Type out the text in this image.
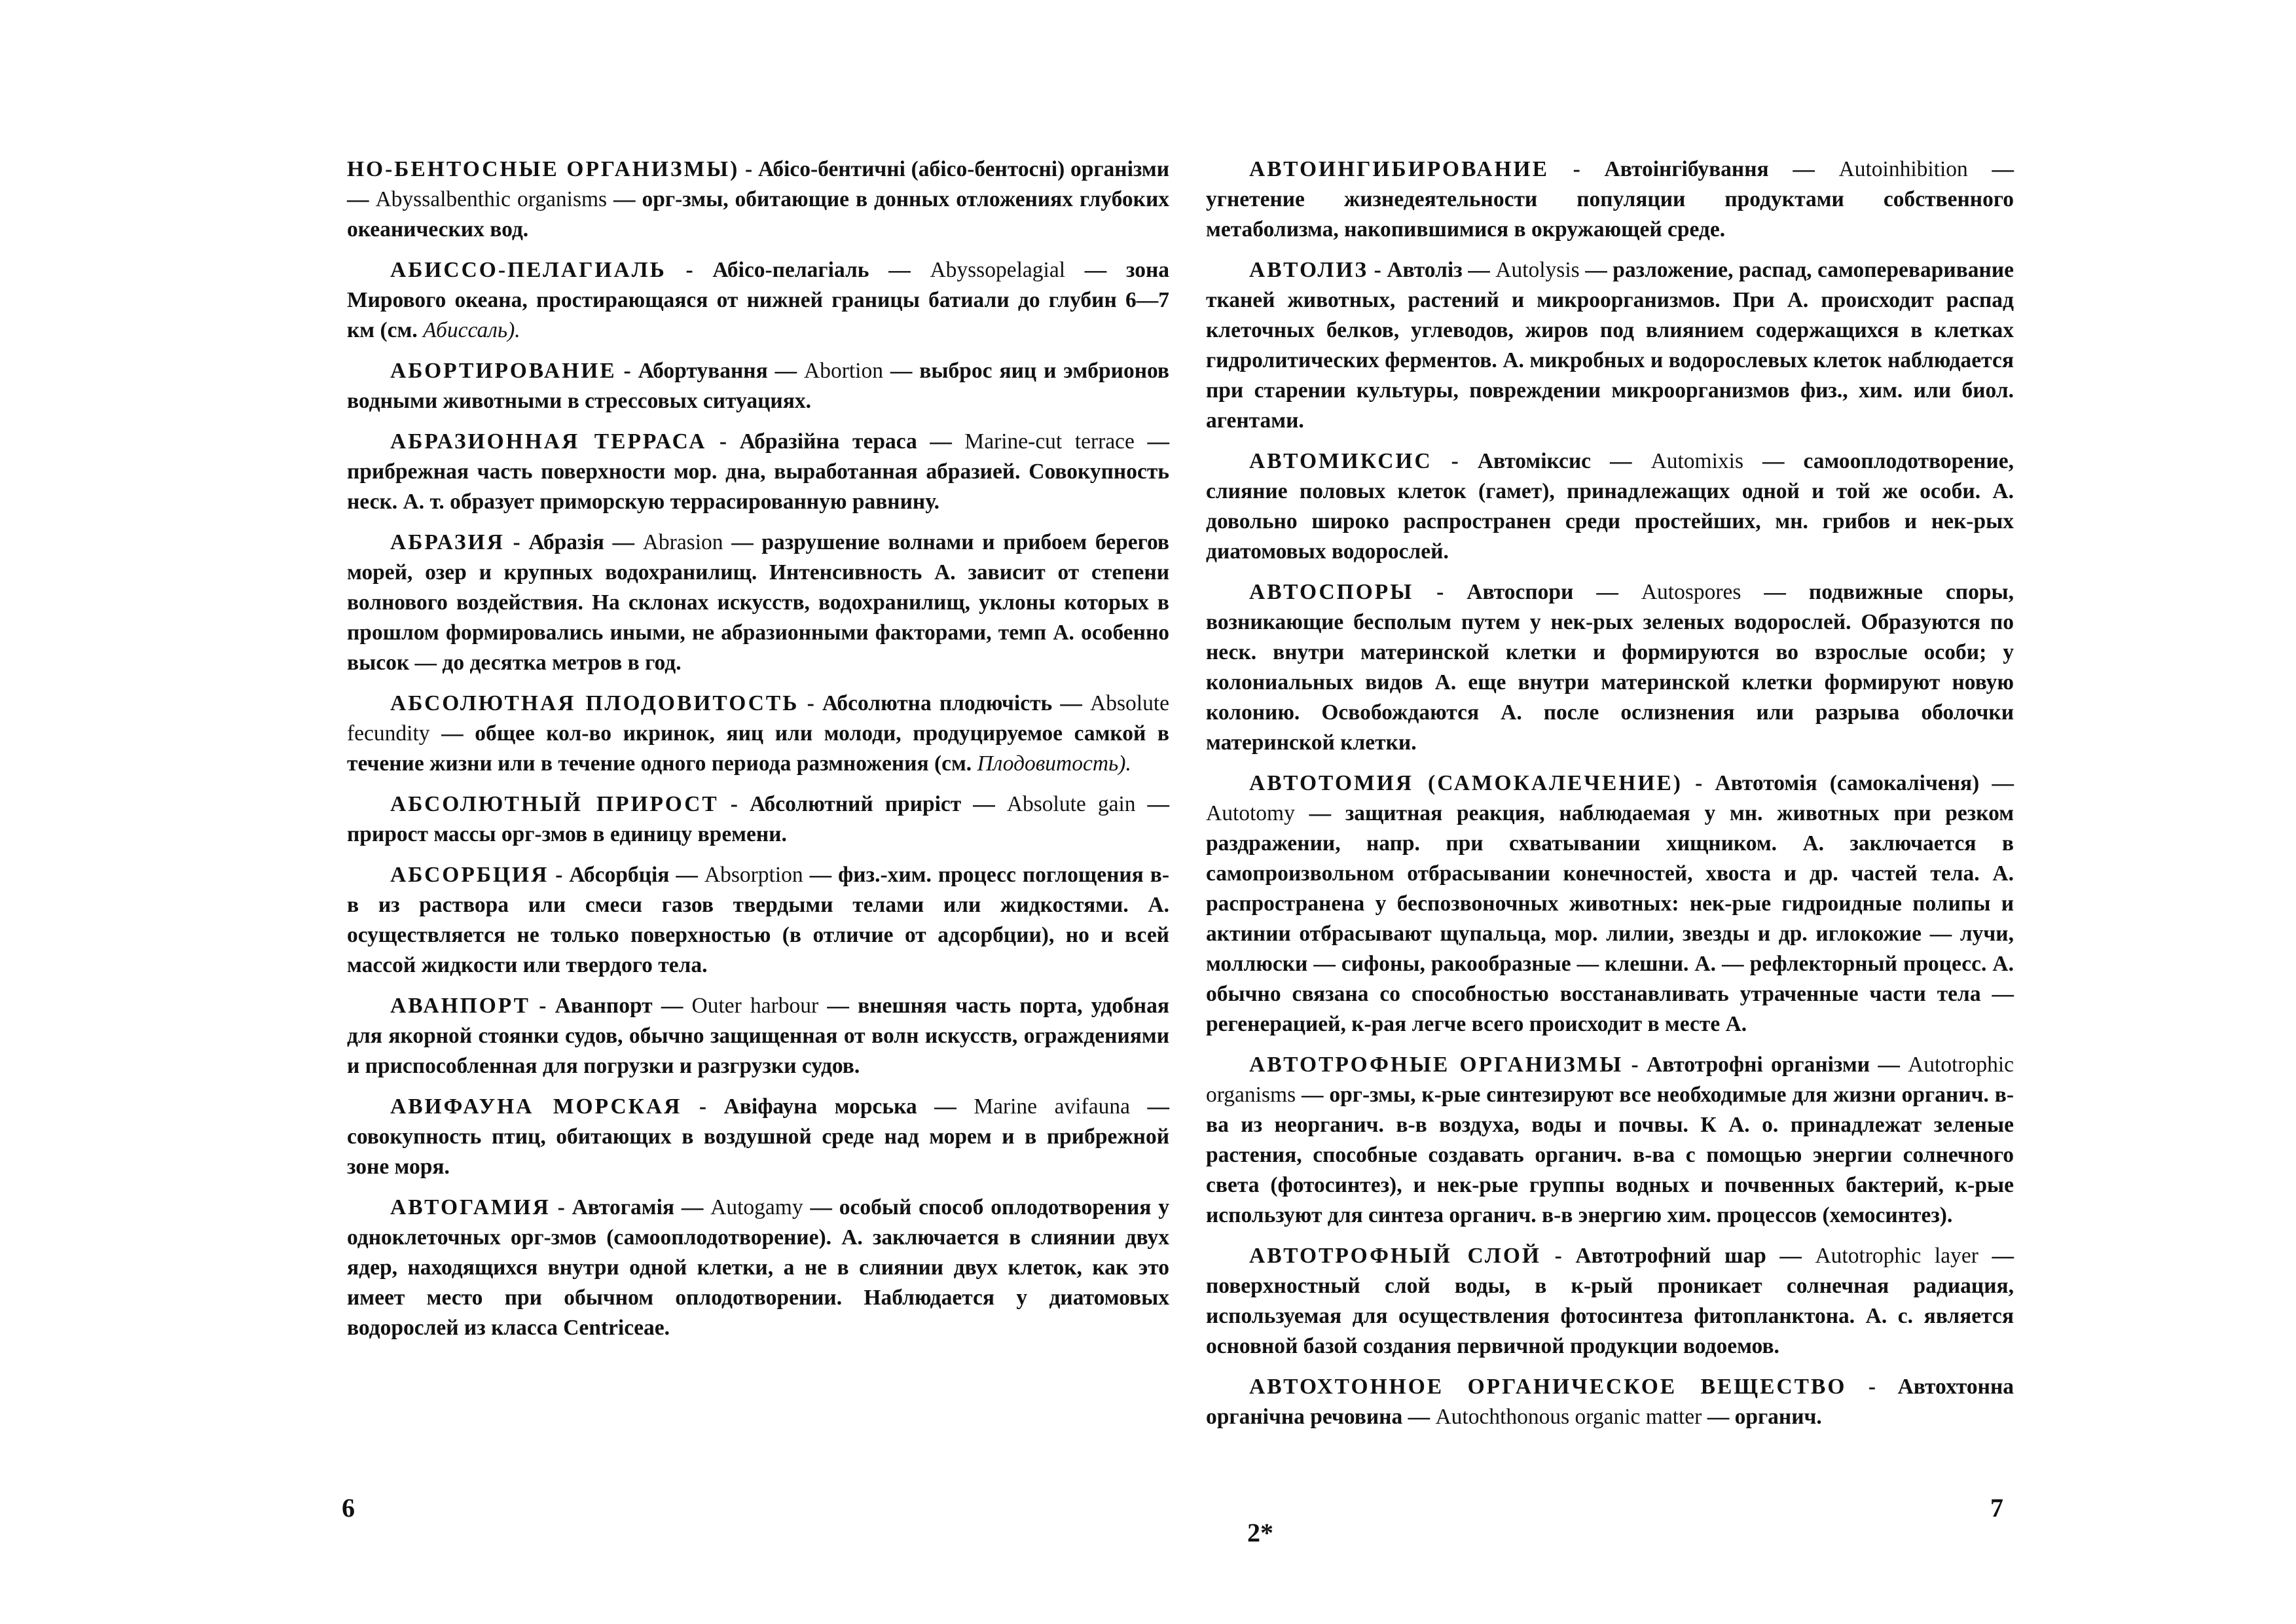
НО-БЕНТОСНЫЕ ОРГАНИЗМЫ) - Абісо-бентичні (абісо-бентосні) організми — Abyssalbenthic organisms — орг-змы, обитающие в донных отложениях глубоких океанических вод.

АБИССО-ПЕЛАГИАЛЬ - Абісо-пелагіаль — Abyssopelagial — зона Мирового океана, простирающаяся от нижней границы батиали до глубин 6—7 км (см. Абиссаль).

АБОРТИРОВАНИЕ - Абортування — Abortion — выброс яиц и эмбрионов водными животными в стрессовых ситуациях.

АБРАЗИОННАЯ ТЕРРАСА - Абразійна тераса — Marine-cut terrace — прибрежная часть поверхности мор. дна, выработанная абразией. Совокупность неск. А. т. образует приморскую террасированную равнину.

АБРАЗИЯ - Абразія — Abrasion — разрушение волнами и прибоем берегов морей, озер и крупных водохранилищ. Интенсивность А. зависит от степени волнового воздействия. На склонах искусств, водохранилищ, уклоны которых в прошлом формировались иными, не абразионными факторами, темп А. особенно высок — до десятка метров в год.

АБСОЛЮТНАЯ ПЛОДОВИТОСТЬ - Абсолютна плодючість — Absolute fecundity — общее кол-во икринок, яиц или молоди, продуцируемое самкой в течение жизни или в течение одного периода размножения (см. Плодовитость).

АБСОЛЮТНЫЙ ПРИРОСТ - Абсолютний приріст — Absolute gain — прирост массы орг-змов в единицу времени.

АБСОРБЦИЯ - Абсорбція — Absorption — физ.-хим. процесс поглощения в-в из раствора или смеси газов твердыми телами или жидкостями. А. осуществляется не только поверхностью (в отличие от адсорбции), но и всей массой жидкости или твердого тела.

АВАНПОРТ - Аванпорт — Outer harbour — внешняя часть порта, удобная для якорной стоянки судов, обычно защищенная от волн искусств, ограждениями и приспособленная для погрузки и разгрузки судов.

АВИФАУНА МОРСКАЯ - Авіфауна морська — Marine avifauna — совокупность птиц, обитающих в воздушной среде над морем и в прибрежной зоне моря.

АВТОГАМИЯ - Автогамія — Autogamy — особый способ оплодотворения у одноклеточных орг-змов (самооплодотворение). А. заключается в слиянии двух ядер, находящихся внутри одной клетки, а не в слиянии двух клеток, как это имеет место при обычном оплодотворении. Наблюдается у диатомовых водорослей из класса Centriceae.

6

АВТОИНГИБИРОВАНИЕ - Автоінгібування — Autoinhibition — угнетение жизнедеятельности популяции продуктами собственного метаболизма, накопившимися в окружающей среде.

АВТОЛИЗ - Автоліз — Autolysis — разложение, распад, самопереваривание тканей животных, растений и микроорганизмов. При А. происходит распад клеточных белков, углеводов, жиров под влиянием содержащихся в клетках гидролитических ферментов. А. микробных и водорослевых клеток наблюдается при старении культуры, повреждении микроорганизмов физ., хим. или биол. агентами.

АВТОМИКСИС - Автоміксис — Automixis — самооплодотворение, слияние половых клеток (гамет), принадлежащих одной и той же особи. А. довольно широко распространен среди простейших, мн. грибов и нек-рых диатомовых водорослей.

АВТОСПОРЫ - Автоспори — Autospores — подвижные споры, возникающие бесполым путем у нек-рых зеленых водорослей. Образуются по неск. внутри материнской клетки и формируются во взрослые особи; у колониальных видов А. еще внутри материнской клетки формируют новую колонию. Освобождаются А. после ослизнения или разрыва оболочки материнской клетки.

АВТОТОМИЯ (САМОКАЛЕЧЕНИЕ) - Автотомія (самокаліченя) — Autotomy — защитная реакция, наблюдаемая у мн. животных при резком раздражении, напр. при схватывании хищником. А. заключается в самопроизвольном отбрасывании конечностей, хвоста и др. частей тела. А. распространена у беспозвоночных животных: нек-рые гидроидные полипы и актинии отбрасывают щупальца, мор. лилии, звезды и др. иглокожие — лучи, моллюски — сифоны, ракообразные — клешни. А. — рефлекторный процесс. А. обычно связана со способностью восстанавливать утраченные части тела — регенерацией, к-рая легче всего происходит в месте А.

АВТОТРОФНЫЕ ОРГАНИЗМЫ - Автотрофні організми — Autotrophic organisms — орг-змы, к-рые синтезируют все необходимые для жизни органич. в-ва из неорганич. в-в воздуха, воды и почвы. К А. о. принадлежат зеленые растения, способные создавать органич. в-ва с помощью энергии солнечного света (фотосинтез), и нек-рые группы водных и почвенных бактерий, к-рые используют для синтеза органич. в-в энергию хим. процессов (хемосинтез).

АВТОТРОФНЫЙ СЛОЙ - Автотрофний шар — Autotrophic layer — поверхностный слой воды, в к-рый проникает солнечная радиация, используемая для осуществления фотосинтеза фитопланктона. А. с. является основной базой создания первичной продукции водоемов.

АВТОХТОННОЕ ОРГАНИЧЕСКОЕ ВЕЩЕСТВО - Автохтонна органічна речовина — Autochthonous organic matter — органич.

7
2*
